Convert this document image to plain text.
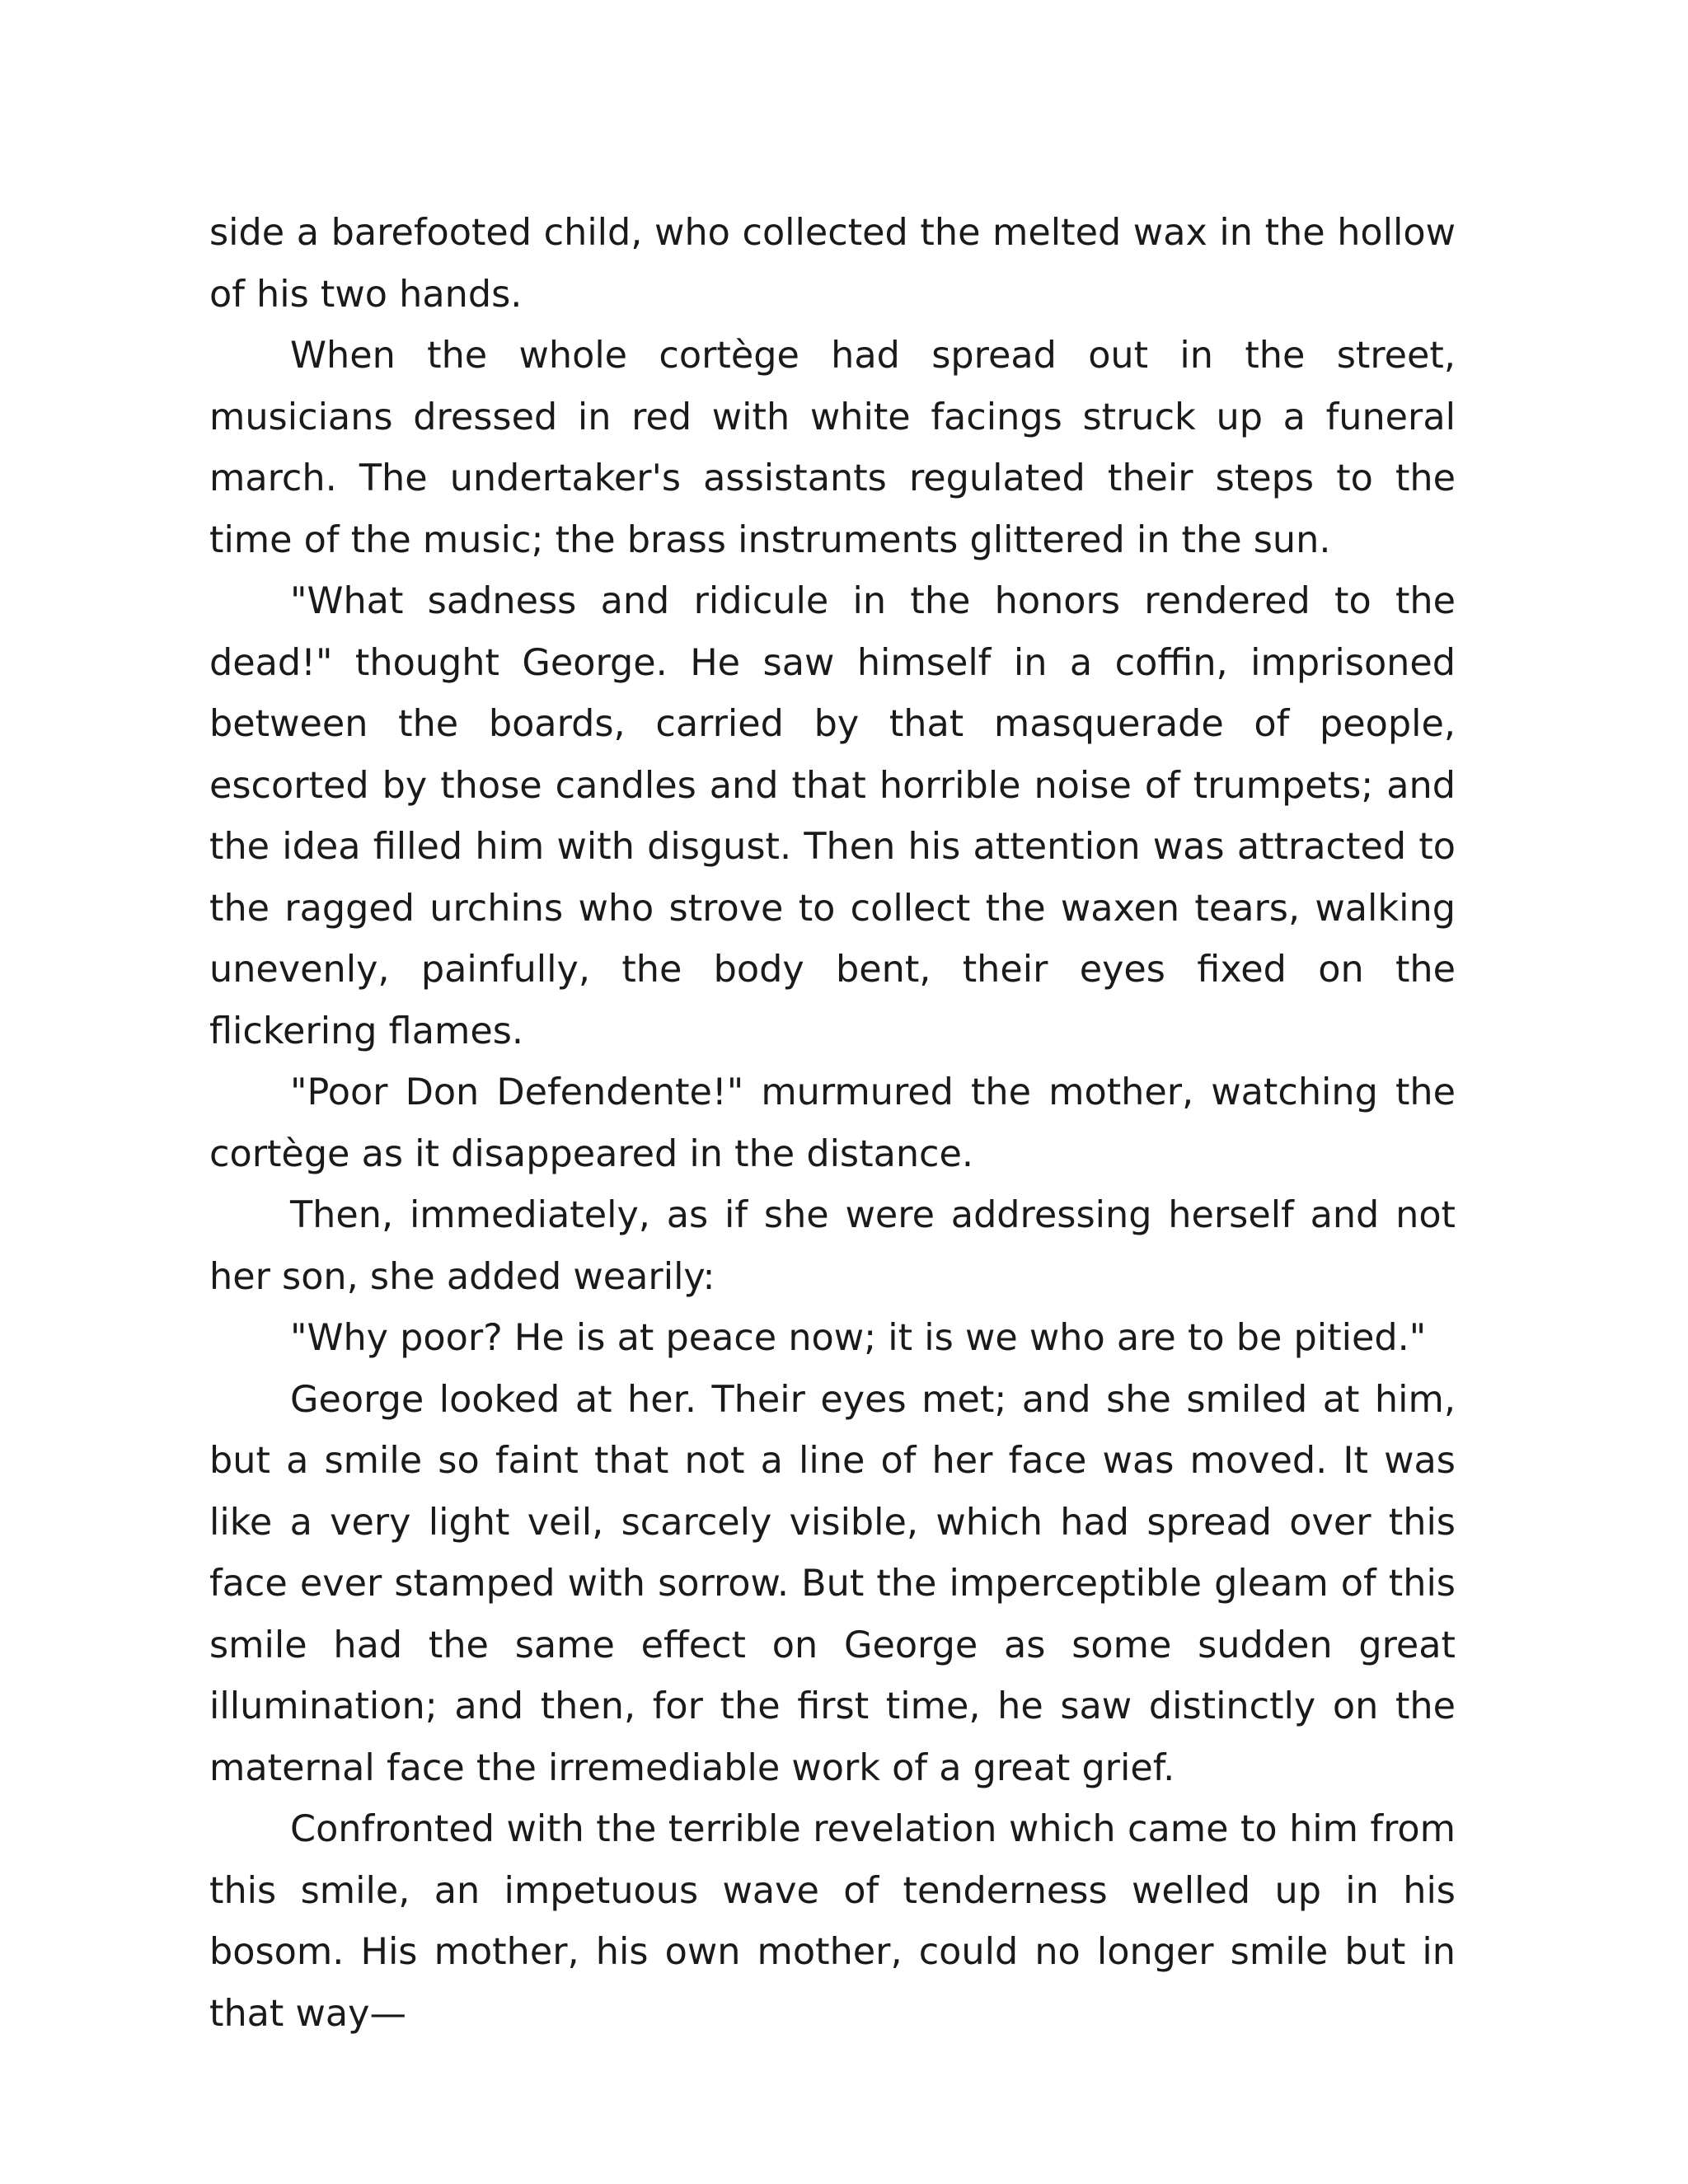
side a barefooted child, who collected the melted wax in the hollow of his two hands.

When the whole cortège had spread out in the street, musicians dressed in red with white facings struck up a funeral march. The undertaker's assistants regulated their steps to the time of the music; the brass instruments glittered in the sun.

"What sadness and ridicule in the honors rendered to the dead!" thought George. He saw himself in a coffin, imprisoned between the boards, carried by that masquerade of people, escorted by those candles and that horrible noise of trumpets; and the idea filled him with disgust. Then his attention was attracted to the ragged urchins who strove to collect the waxen tears, walking unevenly, painfully, the body bent, their eyes fixed on the flickering flames.

"Poor Don Defendente!" murmured the mother, watching the cortège as it disappeared in the distance.

Then, immediately, as if she were addressing herself and not her son, she added wearily:

"Why poor? He is at peace now; it is we who are to be pitied."

George looked at her. Their eyes met; and she smiled at him, but a smile so faint that not a line of her face was moved. It was like a very light veil, scarcely visible, which had spread over this face ever stamped with sorrow. But the imperceptible gleam of this smile had the same effect on George as some sudden great illumination; and then, for the first time, he saw distinctly on the maternal face the irremediable work of a great grief.

Confronted with the terrible revelation which came to him from this smile, an impetuous wave of tenderness welled up in his bosom. His mother, his own mother, could no longer smile but in that way—
